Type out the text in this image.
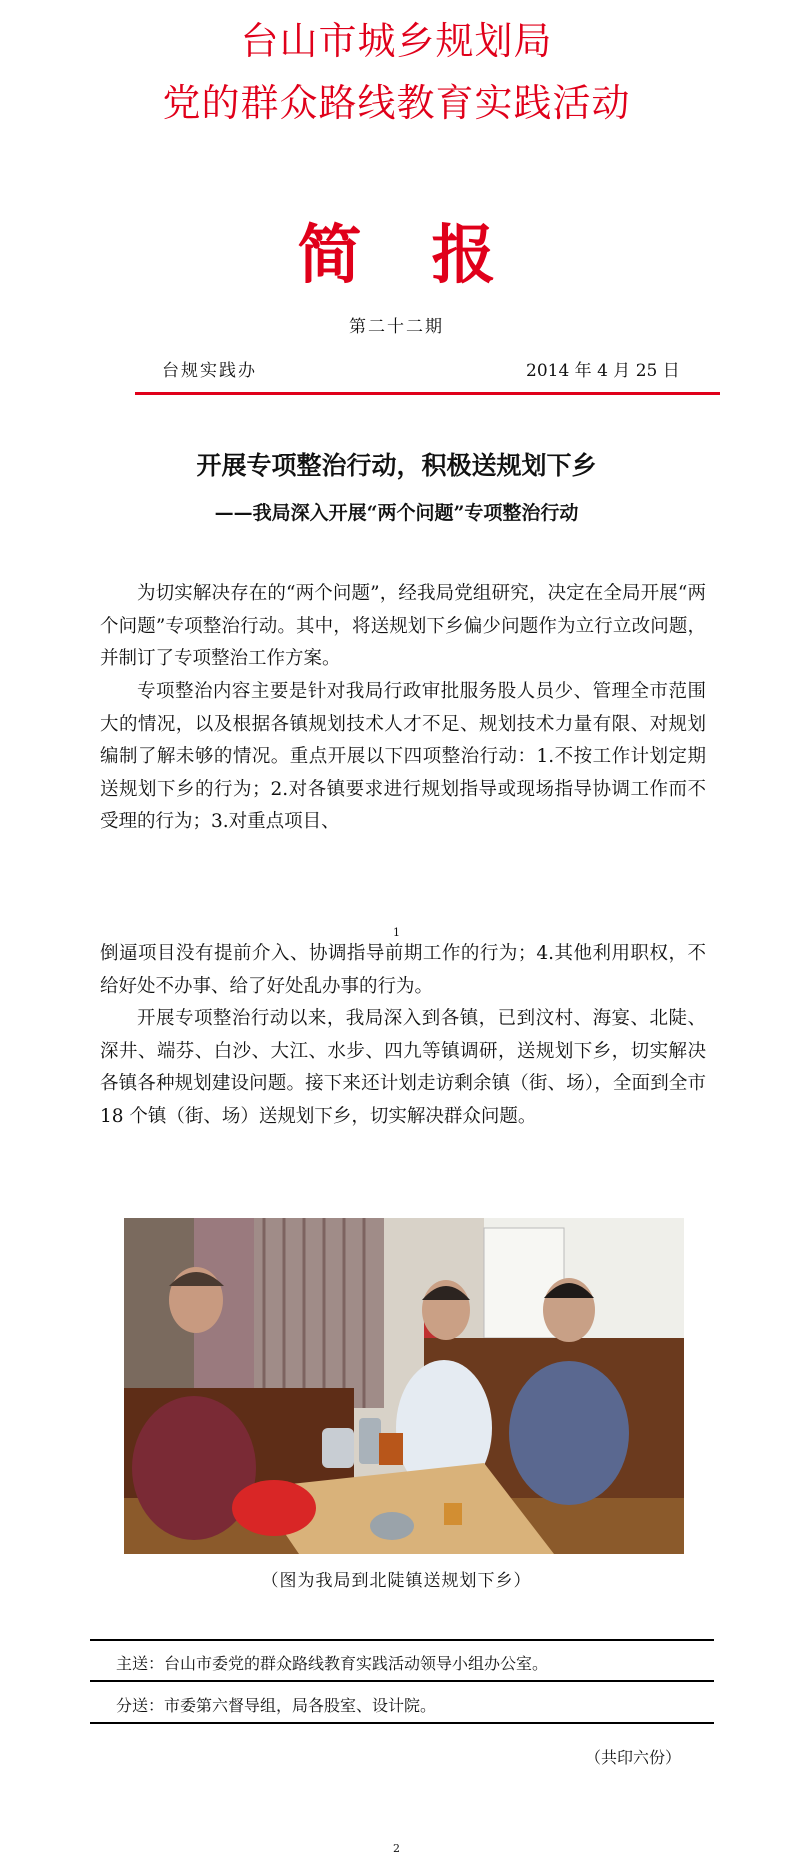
台山市城乡规划局
党的群众路线教育实践活动
简报
第二十二期
台规实践办	2014 年 4 月 25 日
开展专项整治行动，积极送规划下乡
——我局深入开展“两个问题”专项整治行动

为切实解决存在的“两个问题”，经我局党组研究，决定在全局开展“两个问题”专项整治行动。其中，将送规划下乡偏少问题作为立行立改问题，并制订了专项整治工作方案。

专项整治内容主要是针对我局行政审批服务股人员少、管理全市范围大的情况，以及根据各镇规划技术人才不足、规划技术力量有限、对规划编制了解未够的情况。重点开展以下四项整治行动：1.不按工作计划定期送规划下乡的行为；2.对各镇要求进行规划指导或现场指导协调工作而不受理的行为；3.对重点项目、

1

倒逼项目没有提前介入、协调指导前期工作的行为；4.其他利用职权，不给好处不办事、给了好处乱办事的行为。

开展专项整治行动以来，我局深入到各镇，已到汶村、海宴、北陡、深井、端芬、白沙、大江、水步、四九等镇调研，送规划下乡，切实解决各镇各种规划建设问题。接下来还计划走访剩余镇（街、场），全面到全市 18 个镇（街、场）送规划下乡，切实解决群众问题。

（图为我局到北陡镇送规划下乡）
主送：台山市委党的群众路线教育实践活动领导小组办公室。
分送：市委第六督导组，局各股室、设计院。
（共印六份）
2
